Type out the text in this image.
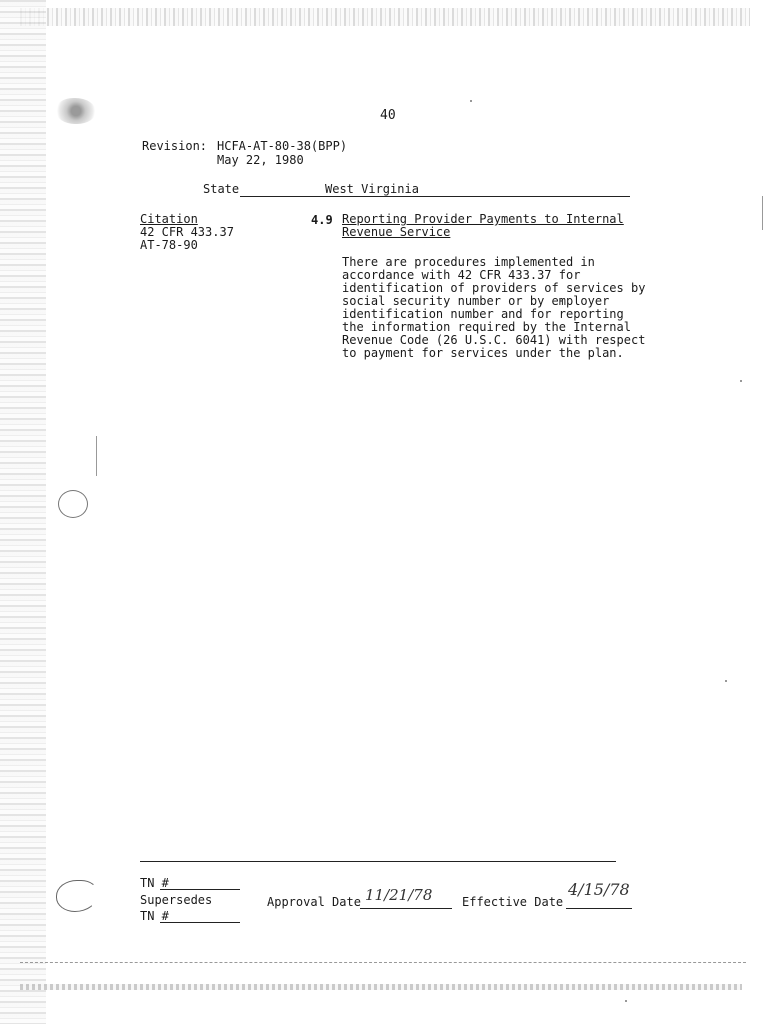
40
Revision: HCFA-AT-80-38(BPP)
May 22, 1980
State	West Virginia
Citation
42 CFR 433.37
AT-78-90
4.9 Reporting Provider Payments to Internal
Revenue Service
There are procedures implemented in
accordance with 42 CFR 433.37 for
identification of providers of services by
social security number or by employer
identification number and for reporting
the information required by the Internal
Revenue Code (26 U.S.C. 6041) with respect
to payment for services under the plan.
TN #
Supersedes
TN #
Approval Date 11/21/78 Effective Date
4/15/78
